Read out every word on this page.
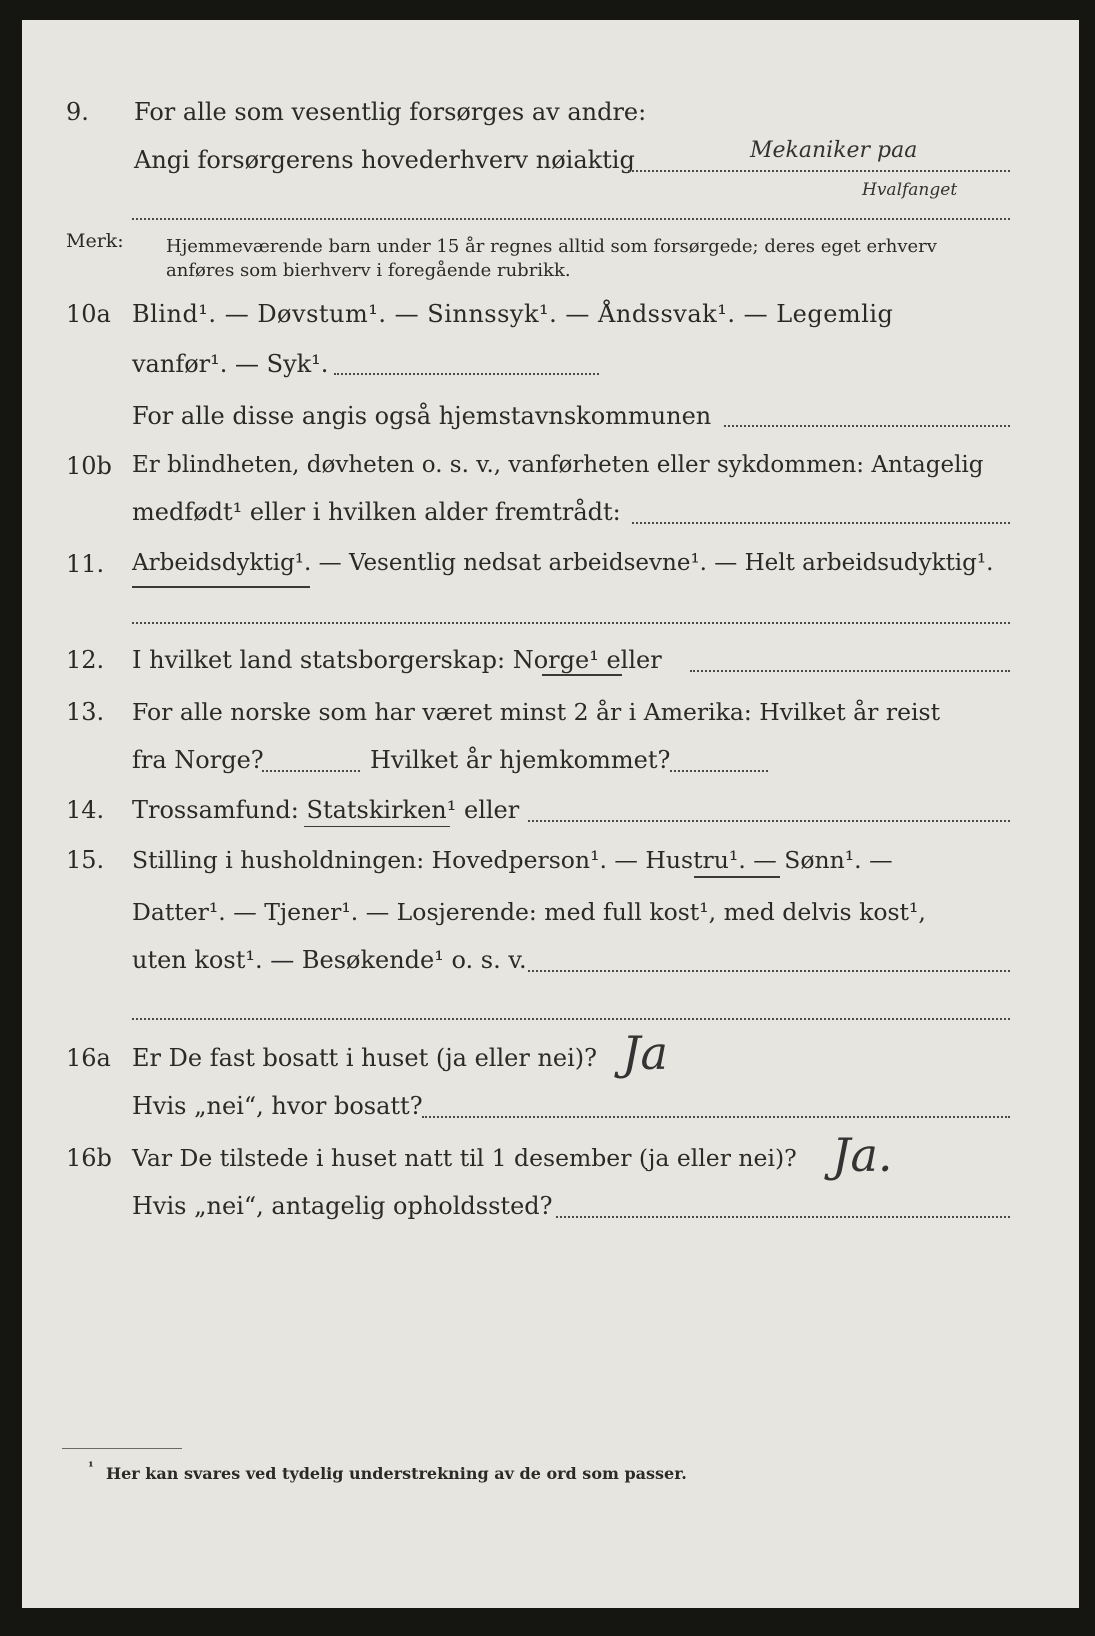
9. For alle som vesentlig forsørges av andre:
Angi forsørgerens hovederhverv nøiaktig	Mekaniker paa
Hvalfanget
Merk: Hjemmeværende barn under 15 år regnes alltid som forsørgede; deres eget erhverv
anføres som bierhverv i foregående rubrikk.
10a Blind¹. — Døvstum¹. — Sinnssyk¹. — Åndssvak¹. — Legemlig
vanfør¹. — Syk¹.
For alle disse angis også hjemstavnskommunen
10b Er blindheten, døvheten o. s. v., vanførheten eller sykdommen: Antagelig
medfødt¹ eller i hvilken alder fremtrådt:
11. Arbeidsdyktig¹. — Vesentlig nedsat arbeidsevne¹. — Helt arbeidsudyktig¹.
12. I hvilket land statsborgerskap: Norge¹ eller
13. For alle norske som har været minst 2 år i Amerika: Hvilket år reist
fra Norge?	Hvilket år hjemkommet?
14. Trossamfund: Statskirken¹ eller
15. Stilling i husholdningen: Hovedperson¹. — Hustru¹. — Sønn¹. —
Datter¹. — Tjener¹. — Losjerende: med full kost¹, med delvis kost¹,
uten kost¹. — Besøkende¹ o. s. v.
16a Er De fast bosatt i huset (ja eller nei)? Ja
Hvis „nei“, hvor bosatt?
16b Var De tilstede i huset natt til 1 desember (ja eller nei)? Ja.
Hvis „nei“, antagelig opholdssted?
¹ Her kan svares ved tydelig understrekning av de ord som passer.
